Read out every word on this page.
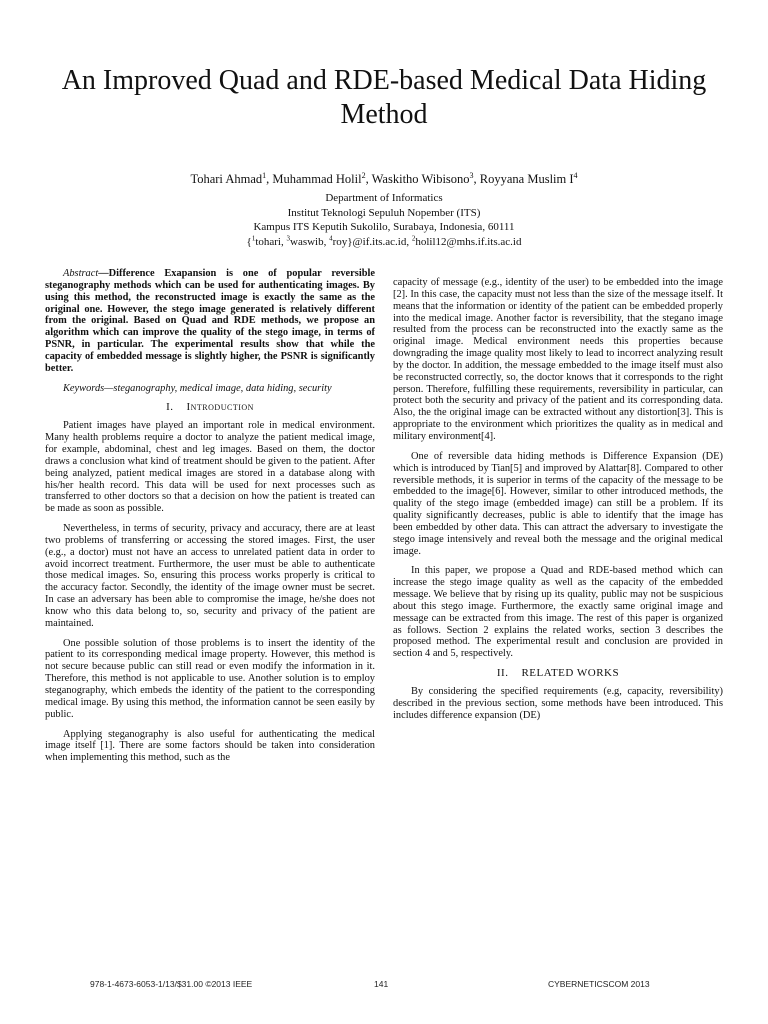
An Improved Quad and RDE-based Medical Data Hiding Method
Tohari Ahmad$^1$, Muhammad Holil$^2$, Waskitho Wibisono$^3$, Royyana Muslim $I^4$
Department of Informatics
Institut Teknologi Sepuluh Nopember (ITS)
Kampus ITS Keputih Sukolilo, Surabaya, Indonesia, 60111
{$^1$tohari, $^3$waswib, $^4$roy}@if.its.ac.id, $^2$holil12@mhs.if.its.ac.id

Abstract—Difference Exapansion is one of popular reversible steganography methods which can be used for authenticating images. By using this method, the reconstructed image is exactly the same as the original one. However, the stego image generated is relatively different from the original. Based on Quad and RDE methods, we propose an algorithm which can improve the quality of the stego image, in terms of PSNR, in particular. The experimental results show that while the capacity of embedded message is slightly higher, the PSNR is significantly better.

Keywords—steganography, medical image, data hiding, security

I. Introduction

Patient images have played an important role in medical environment. Many health problems require a doctor to analyze the patient medical image, for example, abdominal, chest and leg images. Based on them, the doctor draws a conclusion what kind of treatment should be given to the patient. After being analyzed, patient medical images are stored in a database along with his/her health record. This data will be used for next processes such as transferred to other doctors so that a decision on how the patient is treated can be made as soon as possible.

Nevertheless, in terms of security, privacy and accuracy, there are at least two problems of transferring or accessing the stored images. First, the user (e.g., a doctor) must not have an access to unrelated patient data in order to avoid incorrect treatment. Furthermore, the user must be able to authenticate those medical images. So, ensuring this process works properly is critical to the accuracy factor. Secondly, the identity of the image owner must be secret. In case an adversary has been able to compromise the image, he/she does not know who this data belong to, so, security and privacy of the patient are maintained.

One possible solution of those problems is to insert the identity of the patient to its corresponding medical image property. However, this method is not secure because public can still read or even modify the information in it. Therefore, this method is not applicable to use. Another solution is to employ steganography, which embeds the identity of the patient to the corresponding medical image. By using this method, the information cannot be seen easily by public.

Applying steganography is also useful for authenticating the medical image itself [1]. There are some factors should be taken into consideration when implementing this method, such as the

capacity of message (e.g., identity of the user) to be embedded into the image [2]. In this case, the capacity must not less than the size of the message itself. It means that the information or identity of the patient can be embedded properly into the medical image. Another factor is reversibility, that the stegano image resulted from the process can be reconstructed into the exactly same as the original image. Medical environment needs this properties because downgrading the image quality most likely to lead to incorrect analyzing result by the doctor. In addition, the message embedded to the image itself must also be reconstructed correctly, so, the doctor knows that it corresponds to the right person. Therefore, fulfilling these requirements, reversibility in particular, can protect both the security and privacy of the patient and its corresponding data. Also, the the original image can be extracted without any distortion[3]. This is appropriate to the environment which prioritizes the quality as in medical and military environment[4].

One of reversible data hiding methods is Difference Expansion (DE) which is introduced by Tian[5] and improved by Alattar[8]. Compared to other reversible methods, it is superior in terms of the capacity of the message to be embedded to the image[6]. However, similar to other introduced methods, the quality of the stego image (embedded image) can still be a problem. If its quality significantly decreases, public is able to identify that the image has been embedded by other data. This can attract the adversary to investigate the stego image intensively and reveal both the message and the original medical image.

In this paper, we propose a Quad and RDE-based method which can increase the stego image quality as well as the capacity of the embedded message. We believe that by rising up its quality, public may not be suspicious about this stego image. Furthermore, the exactly same original image and message can be extracted from this image. The rest of this paper is organized as follows. Section 2 explains the related works, section 3 describes the proposed method. The experimental result and conclusion are provided in section 4 and 5, respectively.

II. RELATED WORKS

By considering the specified requirements (e.g, capacity, reversibility) described in the previous section, some methods have been introduced. This includes difference expansion (DE)

978-1-4673-6053-1/13/$31.00 ©2013 IEEE	141	CYBERNETICSCOM 2013
